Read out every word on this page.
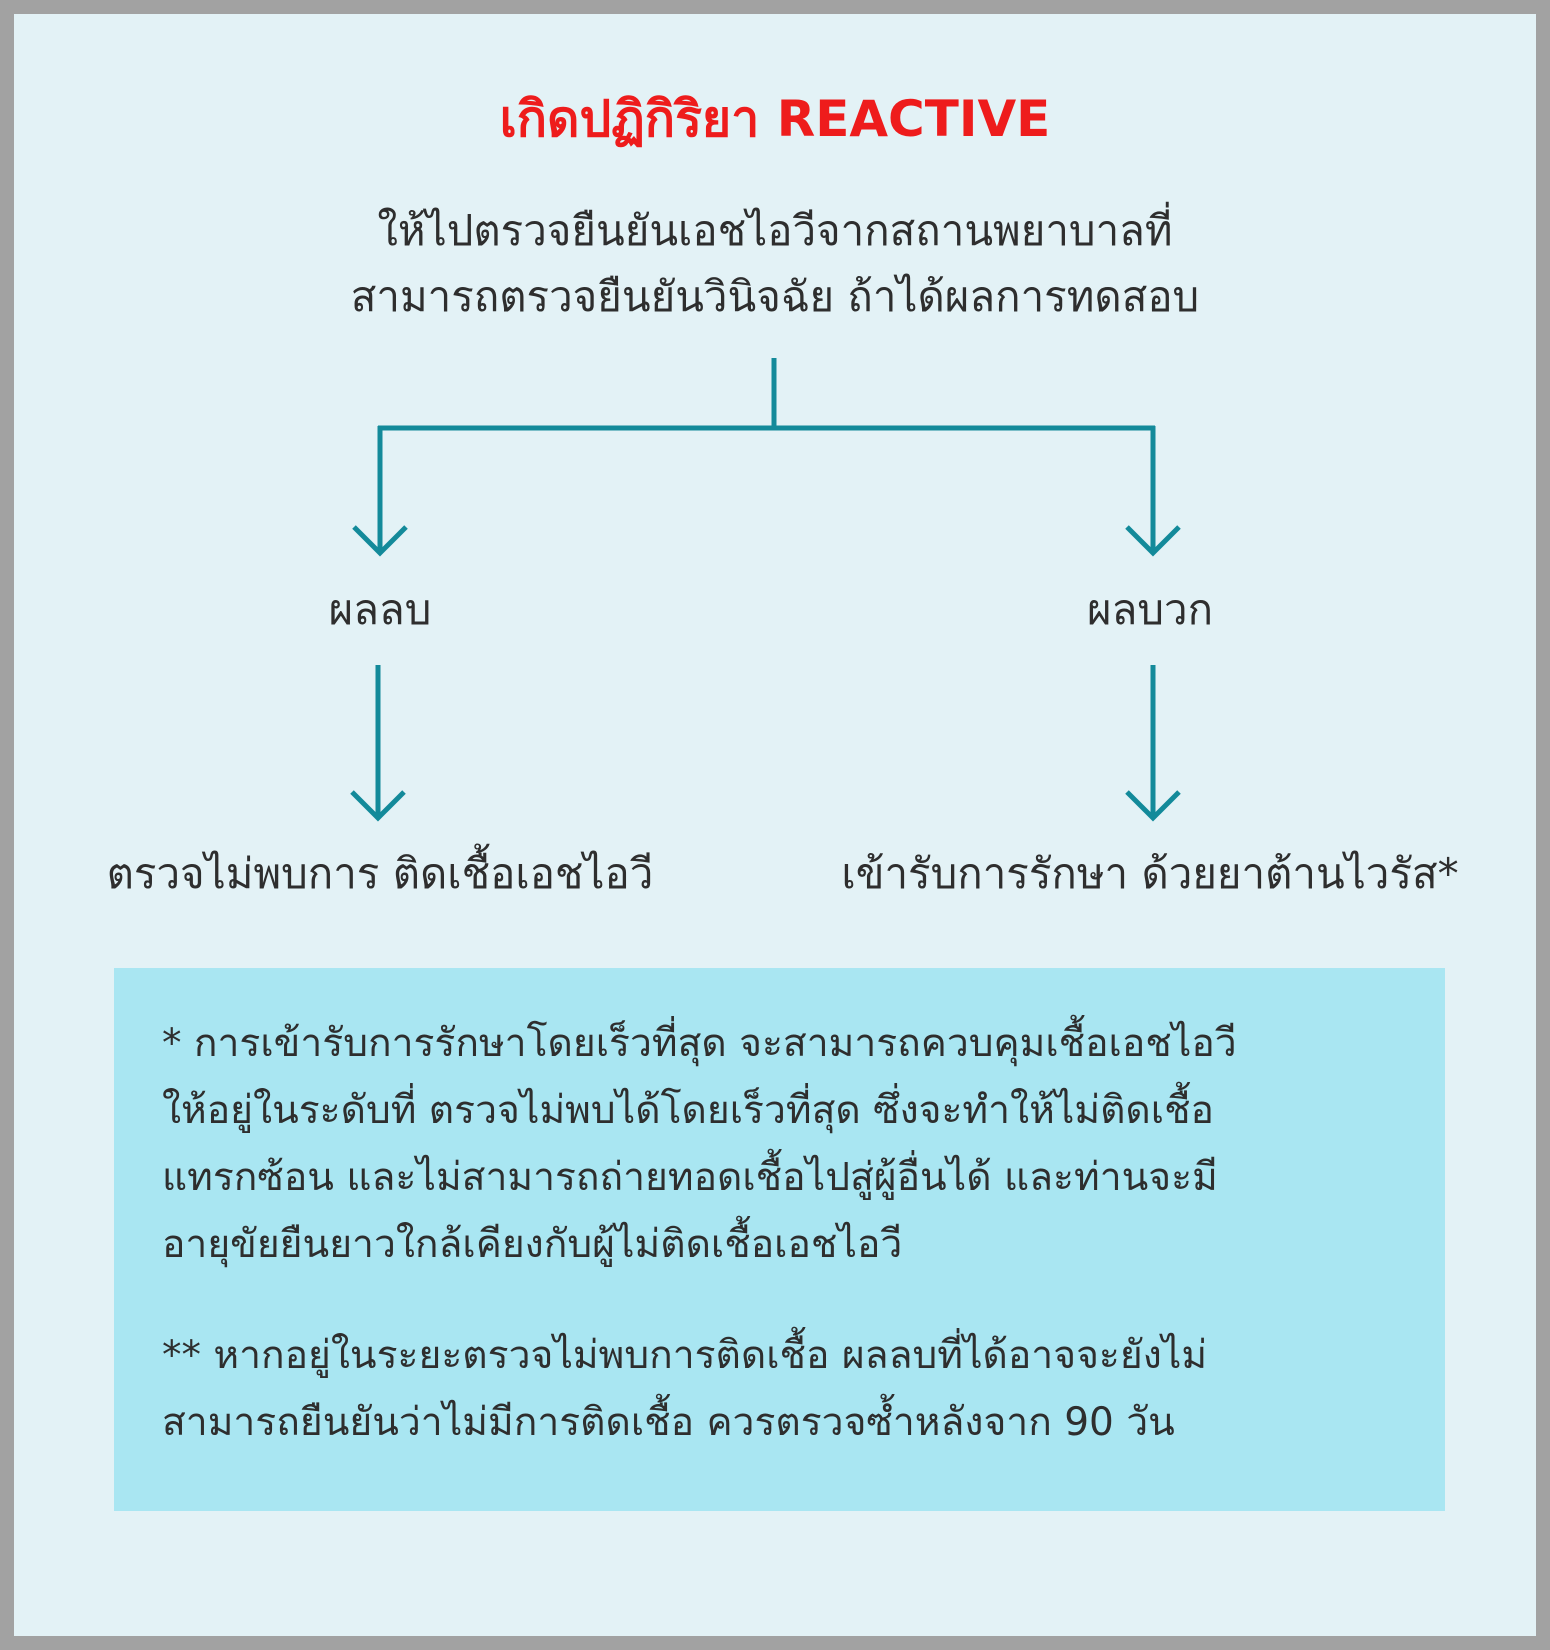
เกิดปฏิกิริยา REACTIVE
ให้ไปตรวจยืนยันเอชไอวีจากสถานพยาบาลที่
สามารถตรวจยืนยันวินิจฉัย ถ้าได้ผลการทดสอบ
ผลลบ	ผลบวก
ตรวจไม่พบการ ติดเชื้อเอชไอวี	เข้ารับการรักษา ด้วยยาต้านไวรัส*
* การเข้ารับการรักษาโดยเร็วที่สุด จะสามารถควบคุมเชื้อเอชไอวี
ให้อยู่ในระดับที่ ตรวจไม่พบได้โดยเร็วที่สุด ซึ่งจะทำให้ไม่ติดเชื้อ
แทรกซ้อน และไม่สามารถถ่ายทอดเชื้อไปสู่ผู้อื่นได้ และท่านจะมี
อายุขัยยืนยาวใกล้เคียงกับผู้ไม่ติดเชื้อเอชไอวี
** หากอยู่ในระยะตรวจไม่พบการติดเชื้อ ผลลบที่ได้อาจจะยังไม่
สามารถยืนยันว่าไม่มีการติดเชื้อ ควรตรวจซ้ำหลังจาก 90 วัน
